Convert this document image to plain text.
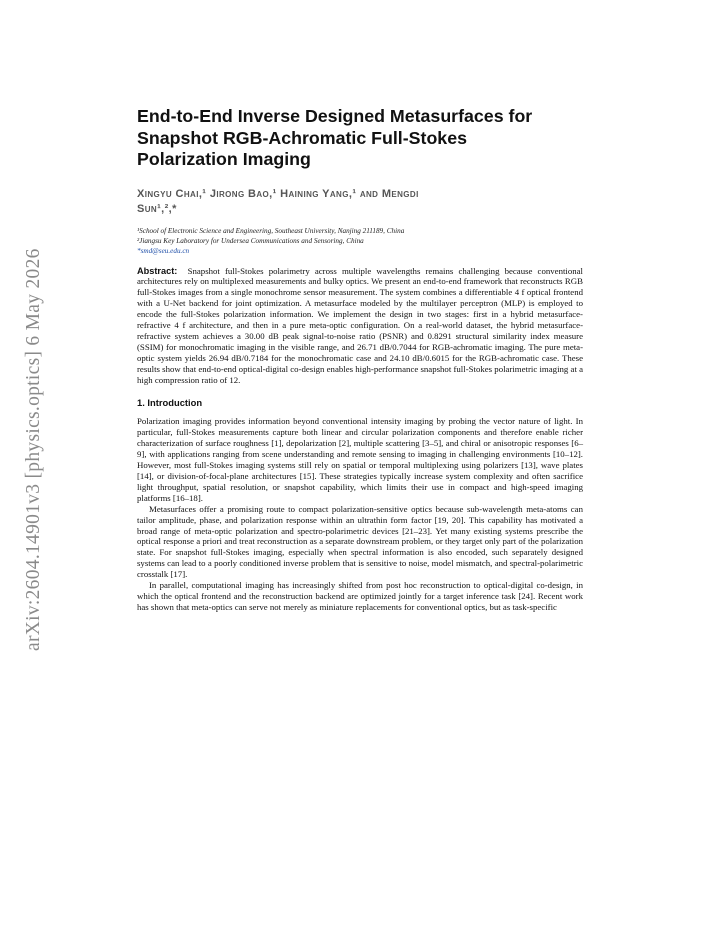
arXiv:2604.14901v3 [physics.optics] 6 May 2026
End-to-End Inverse Designed Metasurfaces for
Snapshot RGB-Achromatic Full-Stokes
Polarization Imaging
Xingyu Chai,¹ Jirong Bao,¹ Haining Yang,¹ and Mengdi
Sun¹,²,*
¹School of Electronic Science and Engineering, Southeast University, Nanjing 211189, China
²Jiangsu Key Laboratory for Undersea Communications and Sensoring, China
*smd@seu.edu.cn
Abstract: Snapshot full-Stokes polarimetry across multiple wavelengths remains challenging because conventional architectures rely on multiplexed measurements and bulky optics. We present an end-to-end framework that reconstructs RGB full-Stokes images from a single monochrome sensor measurement. The system combines a differentiable 4 f optical frontend with a U-Net backend for joint optimization. A metasurface modeled by the multilayer perceptron (MLP) is employed to encode the full-Stokes polarization information. We implement the design in two stages: first in a hybrid metasurface-refractive 4 f architecture, and then in a pure meta-optic configuration. On a real-world dataset, the hybrid metasurface-refractive system achieves a 30.00 dB peak signal-to-noise ratio (PSNR) and 0.8291 structural similarity index measure (SSIM) for monochromatic imaging in the visible range, and 26.71 dB/0.7044 for RGB-achromatic imaging. The pure meta-optic system yields 26.94 dB/0.7184 for the monochromatic case and 24.10 dB/0.6015 for the RGB-achromatic case. These results show that end-to-end optical-digital co-design enables high-performance snapshot full-Stokes polarimetric imaging at a high compression ratio of 12.
1. Introduction

Polarization imaging provides information beyond conventional intensity imaging by probing the vector nature of light. In particular, full-Stokes measurements capture both linear and circular polarization components and therefore enable richer characterization of surface roughness [1], depolarization [2], multiple scattering [3–5], and chiral or anisotropic responses [6–9], with applications ranging from scene understanding and remote sensing to imaging in challenging environments [10–12]. However, most full-Stokes imaging systems still rely on spatial or temporal multiplexing using polarizers [13], wave plates [14], or division-of-focal-plane architectures [15]. These strategies typically increase system complexity and often sacrifice light throughput, spatial resolution, or snapshot capability, which limits their use in compact and high-speed imaging platforms [16–18].

Metasurfaces offer a promising route to compact polarization-sensitive optics because sub-wavelength meta-atoms can tailor amplitude, phase, and polarization response within an ultrathin form factor [19, 20]. This capability has motivated a broad range of meta-optic polarization and spectro-polarimetric devices [21–23]. Yet many existing systems prescribe the optical response a priori and treat reconstruction as a separate downstream problem, or they target only part of the polarization state. For snapshot full-Stokes imaging, especially when spectral information is also encoded, such separately designed systems can lead to a poorly conditioned inverse problem that is sensitive to noise, model mismatch, and spectral-polarimetric crosstalk [17].

In parallel, computational imaging has increasingly shifted from post hoc reconstruction to optical-digital co-design, in which the optical frontend and the reconstruction backend are optimized jointly for a target inference task [24]. Recent work has shown that meta-optics can serve not merely as miniature replacements for conventional optics, but as task-specific
